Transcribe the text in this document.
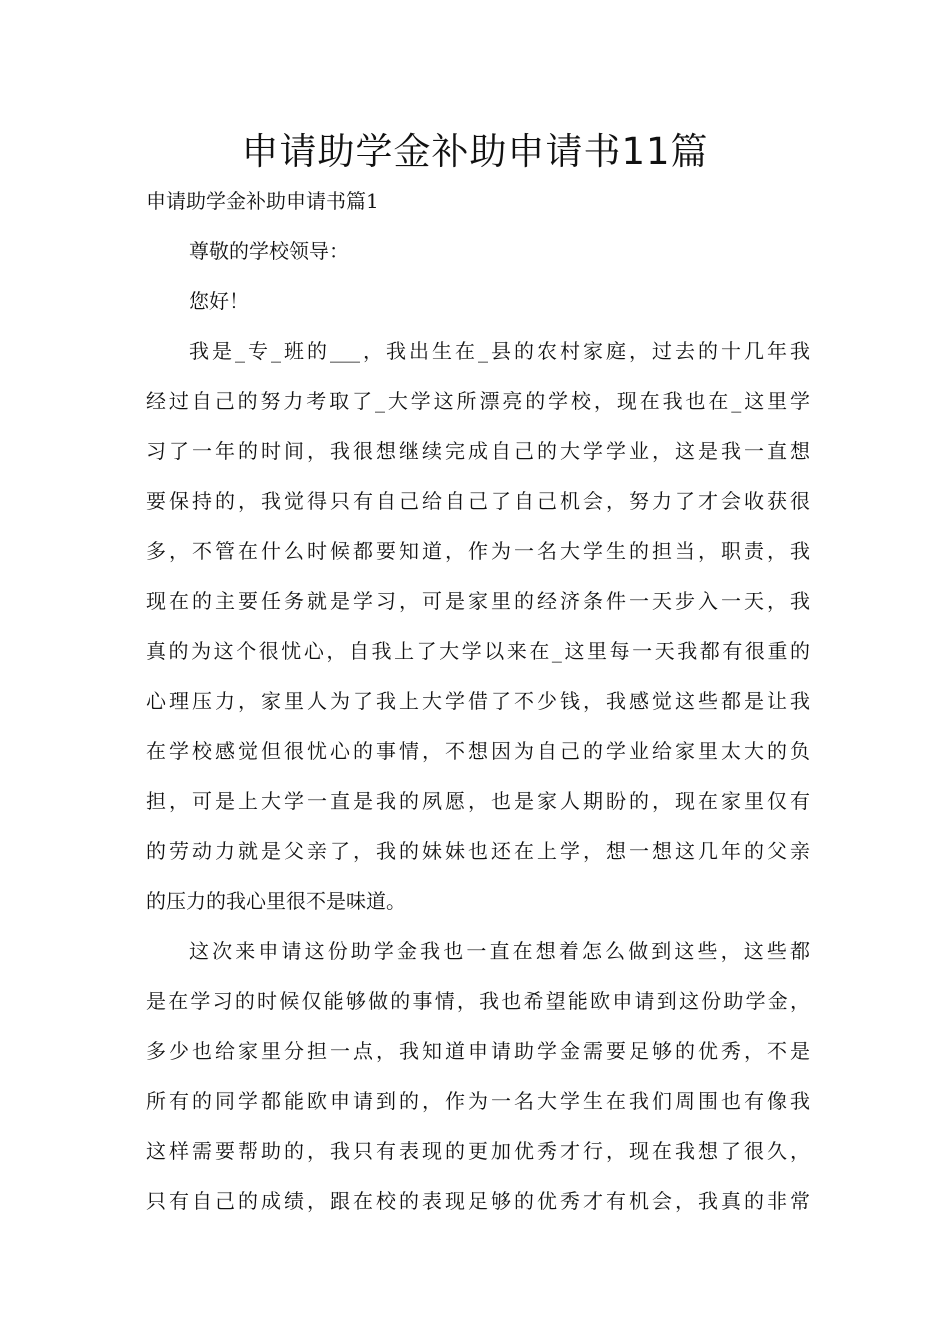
申请助学金补助申请书11篇
申请助学金补助申请书篇1
尊敬的学校领导：
您好！
我是_专_班的___，我出生在_县的农村家庭，过去的十几年我
经过自己的努力考取了_大学这所漂亮的学校，现在我也在_这里学
习了一年的时间，我很想继续完成自己的大学学业，这是我一直想
要保持的，我觉得只有自己给自己了自己机会，努力了才会收获很
多，不管在什么时候都要知道，作为一名大学生的担当，职责，我
现在的主要任务就是学习，可是家里的经济条件一天步入一天，我
真的为这个很忧心，自我上了大学以来在_这里每一天我都有很重的
心理压力，家里人为了我上大学借了不少钱，我感觉这些都是让我
在学校感觉但很忧心的事情，不想因为自己的学业给家里太大的负
担，可是上大学一直是我的夙愿，也是家人期盼的，现在家里仅有
的劳动力就是父亲了，我的妹妹也还在上学，想一想这几年的父亲
的压力的我心里很不是味道。
这次来申请这份助学金我也一直在想着怎么做到这些，这些都
是在学习的时候仅能够做的事情，我也希望能欧申请到这份助学金，
多少也给家里分担一点，我知道申请助学金需要足够的优秀，不是
所有的同学都能欧申请到的，作为一名大学生在我们周围也有像我
这样需要帮助的，我只有表现的更加优秀才行，现在我想了很久，
只有自己的成绩，跟在校的表现足够的优秀才有机会，我真的非常
